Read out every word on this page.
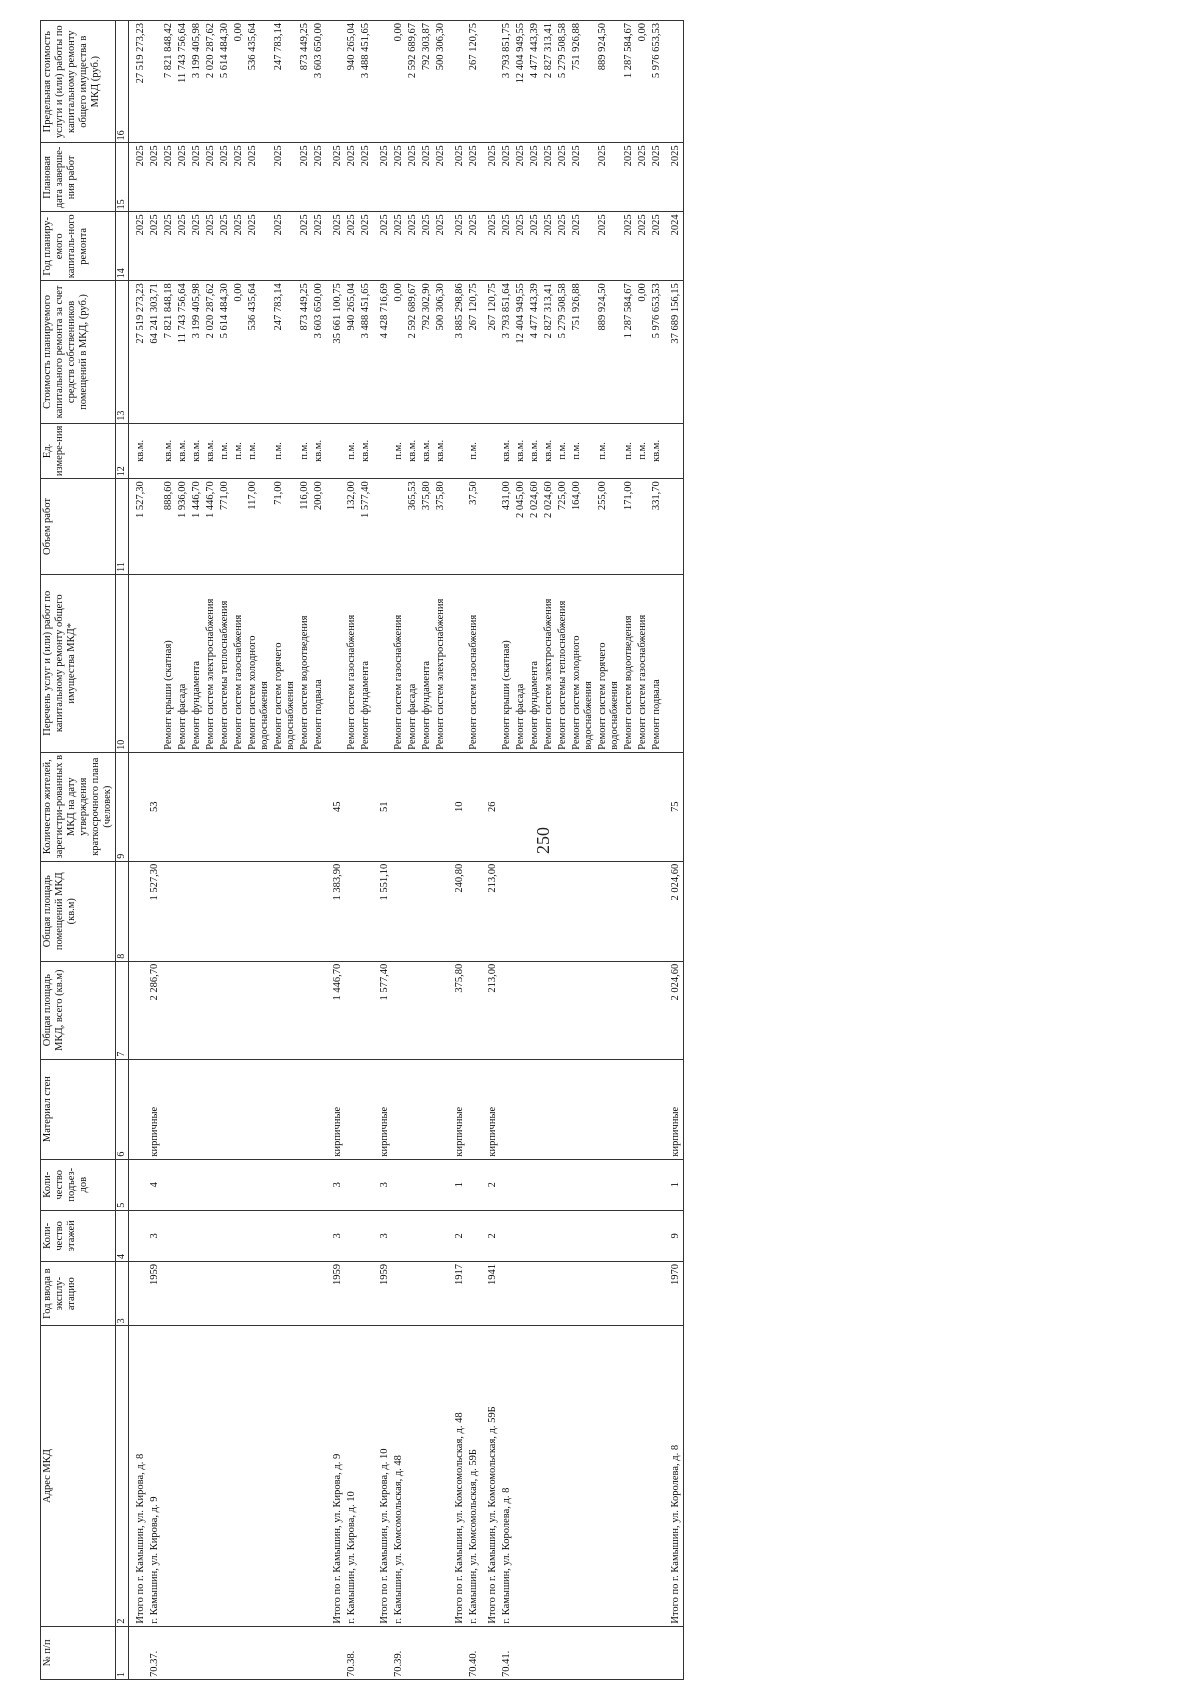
250
№ п/п	Адрес МКД	Год ввода в эксплу-атацию	Коли-чество этажей	Коли-чество подъез-дов	Материал стен	Общая площадь МКД, всего (кв.м)	Общая площадь помещений МКД (кв.м)	Количество жителей, зарегистри-рованных в МКД на дату утверждения краткосрочного плана (человек)	Перечень услуг и (или) работ по капитальному ремонту общего имущества МКД*	Объем работ	Ед. измере-ния	Стоимость планируемого капитального ремонта за счет средств собственников помещений в МКД, (руб.)	Год планиру-емого капиталь-ного ремонта	Плановая дата заверше-ния работ	Предельная стоимость услуги и (или) работы по капитальному ремонту общего имущества в МКД (руб.)
1	2	3	4	5	6	7	8	9	10	11	12	13	14	15	16
	Итого по г. Камышин, ул. Кирова, д. 8									1 527,30	кв.м.	27 519 273,23	2025	2025	27 519 273,23
70.37.	г. Камышин, ул. Кирова, д. 9	1959	3	4	кирпичные	2 286,70	1 527,30	53				64 241 303,71	2025	2025	
									Ремонт крыши (скатная)	888,60	кв.м.	7 821 848,18	2025	2025	7 821 848,42
									Ремонт фасада	1 936,00	кв.м.	11 743 756,64	2025	2025	11 743 756,64
									Ремонт фундамента	1 446,70	кв.м.	3 199 405,98	2025	2025	3 199 405,98
									Ремонт систем электроснабжения	1 446,70	кв.м.	2 020 287,62	2025	2025	2 020 287,62
									Ремонт системы теплоснабжения	771,00	п.м.	5 614 484,30	2025	2025	5 614 484,30
									Ремонт систем газоснабжения		п.м.	0,00	2025	2025	0,00
									Ремонт систем холодного водоснабжения	117,00	п.м.	536 435,64	2025	2025	536 435,64
									Ремонт систем горячего водоснабжения	71,00	п.м.	247 783,14	2025	2025	247 783,14
									Ремонт систем водоотведения	116,00	п.м.	873 449,25	2025	2025	873 449,25
									Ремонт подвала	200,00	кв.м.	3 603 650,00	2025	2025	3 603 650,00
	Итого по г. Камышин, ул. Кирова, д. 9	1959	3	3	кирпичные	1 446,70	1 383,90	45				35 661 100,75	2025	2025	
70.38.	г. Камышин, ул. Кирова, д. 10								Ремонт систем газоснабжения	132,00	п.м.	940 265,04	2025	2025	940 265,04
									Ремонт фундамента	1 577,40	кв.м.	3 488 451,65	2025	2025	3 488 451,65
	Итого по г. Камышин, ул. Кирова, д. 10	1959	3	3	кирпичные	1 577,40	1 551,10	51				4 428 716,69	2025	2025	
70.39.	г. Камышин, ул. Комсомольская, д. 48								Ремонт систем газоснабжения		п.м.	0,00	2025	2025	0,00
									Ремонт фасада	365,53	кв.м.	2 592 689,67	2025	2025	2 592 689,67
									Ремонт фундамента	375,80	кв.м.	792 302,90	2025	2025	792 303,87
									Ремонт систем электроснабжения	375,80	кв.м.	500 306,30	2025	2025	500 306,30
	Итого по г. Камышин, ул. Комсомольская, д. 48	1917	2	1	кирпичные	375,80	240,80	10				3 885 298,86	2025	2025	
70.40.	г. Камышин, ул. Комсомольская, д. 59Б								Ремонт систем газоснабжения	37,50	п.м.	267 120,75	2025	2025	267 120,75
	Итого по г. Камышин, ул. Комсомольская, д. 59Б	1941	2	2	кирпичные	213,00	213,00	26				267 120,75	2025	2025	
70.41.	г. Камышин, ул. Королева, д. 8								Ремонт крыши (скатная)	431,00	кв.м.	3 793 851,64	2025	2025	3 793 851,75
									Ремонт фасада	2 045,00	кв.м.	12 404 949,55	2025	2025	12 404 949,55
									Ремонт фундамента	2 024,60	кв.м.	4 477 443,39	2025	2025	4 477 443,39
									Ремонт систем электроснабжения	2 024,60	кв.м.	2 827 313,41	2025	2025	2 827 313,41
									Ремонт системы теплоснабжения	725,00	п.м.	5 279 508,58	2025	2025	5 279 508,58
									Ремонт систем холодного водоснабжения	164,00	п.м.	751 926,88	2025	2025	751 926,88
									Ремонт систем горячего водоснабжения	255,00	п.м.	889 924,50	2025	2025	889 924,50
									Ремонт систем водоотведения	171,00	п.м.	1 287 584,67	2025	2025	1 287 584,67
									Ремонт систем газоснабжения		п.м.	0,00	2025	2025	0,00
									Ремонт подвала	331,70	кв.м.	5 976 653,53	2025	2025	5 976 653,53
	Итого по г. Камышин, ул. Королева, д. 8	1970	9	1	кирпичные	2 024,60	2 024,60	75				37 689 156,15	2024	2025	
